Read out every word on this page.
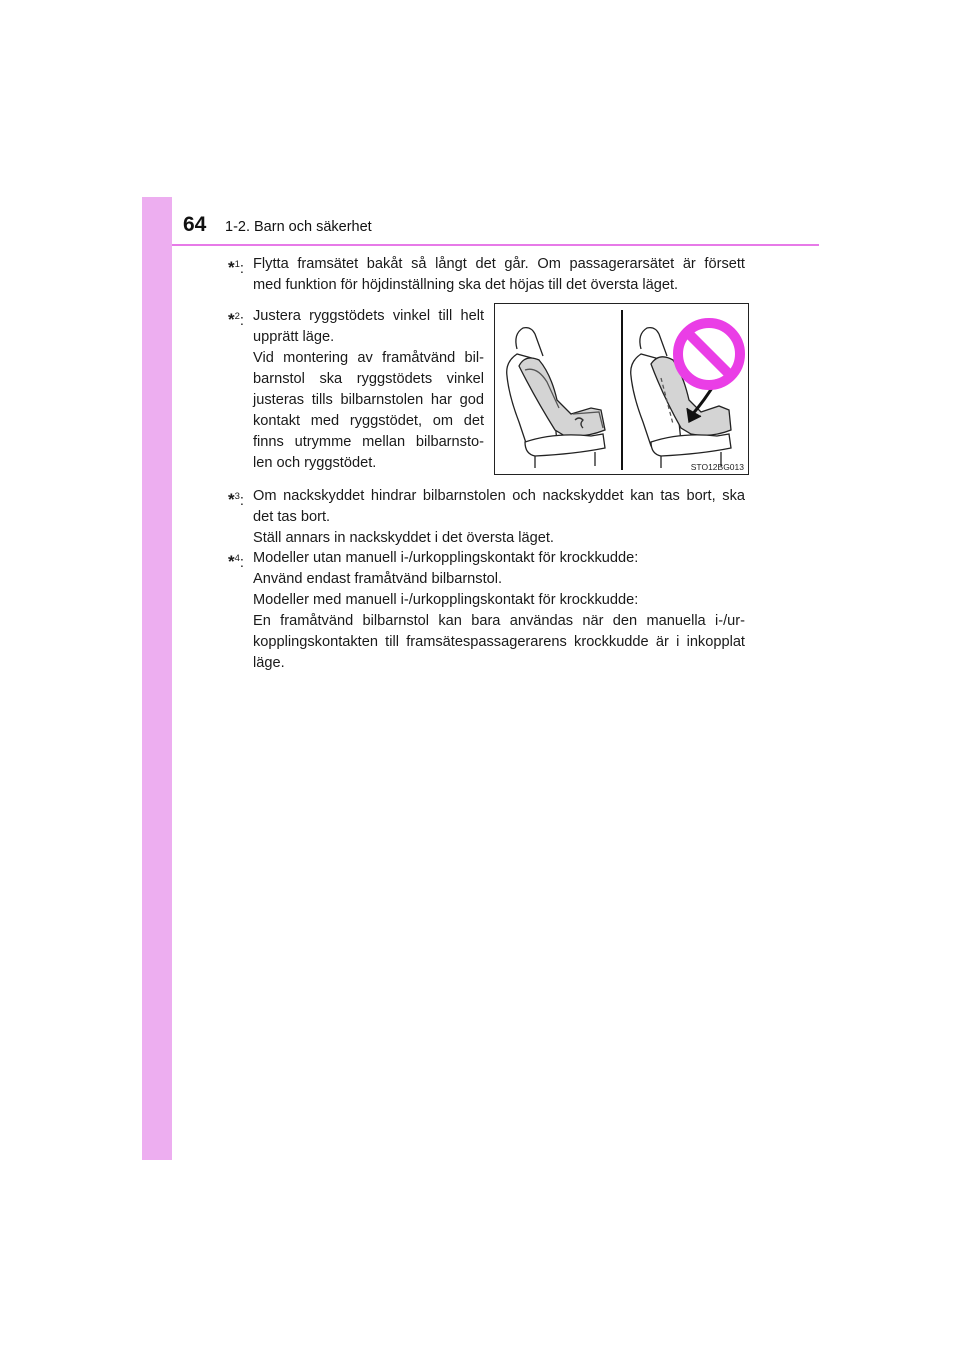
64 1-2. Barn och säkerhet
*$^1$: Flytta framsätet bakåt så långt det går. Om passagerarsätet är försett
med funktion för höjdinställning ska det höjas till det översta läget.
*$^2$: Justera ryggstödets vinkel till helt
upprätt läge.
Vid montering av framåtvänd bil-
barnstol ska ryggstödets vinkel
justeras tills bilbarnstolen har god
kontakt med ryggstödet, om det
finns utrymme mellan bilbarnsto-
len och ryggstödet.	STO12BG013
*$^3$: Om nackskyddet hindrar bilbarnstolen och nackskyddet kan tas bort, ska
det tas bort.
Ställ annars in nackskyddet i det översta läget.
*$^4$: Modeller utan manuell i-/urkopplingskontakt för krockkudde:
Använd endast framåtvänd bilbarnstol.
Modeller med manuell i-/urkopplingskontakt för krockkudde:
En framåtvänd bilbarnstol kan bara användas när den manuella i-/ur-
kopplingskontakten till framsätespassagerarens krockkudde är i inkopplat
läge.
